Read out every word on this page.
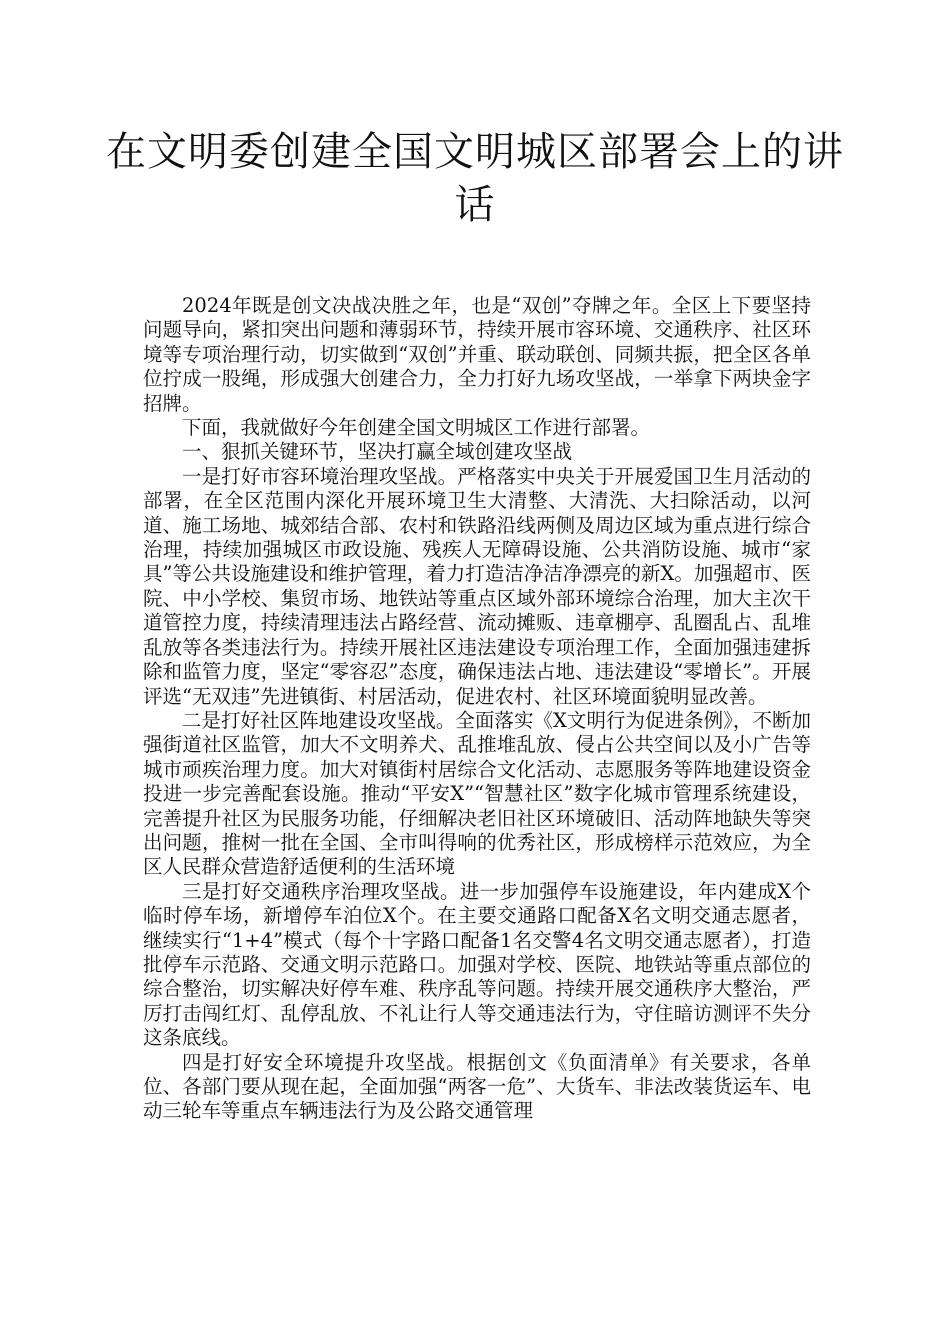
在文明委创建全国文明城区部署会上的讲话

2024年既是创文决战决胜之年，也是“双创”夺牌之年。全区上下要坚持问题导向，紧扣突出问题和薄弱环节，持续开展市容环境、交通秩序、社区环境等专项治理行动，切实做到“双创”并重、联动联创、同频共振，把全区各单位拧成一股绳，形成强大创建合力，全力打好九场攻坚战，一举拿下两块金字招牌。

下面，我就做好今年创建全国文明城区工作进行部署。

一、狠抓关键环节，坚决打赢全域创建攻坚战

一是打好市容环境治理攻坚战。严格落实中央关于开展爱国卫生月活动的部署，在全区范围内深化开展环境卫生大清整、大清洗、大扫除活动，以河道、施工场地、城郊结合部、农村和铁路沿线两侧及周边区域为重点进行综合治理，持续加强城区市政设施、残疾人无障碍设施、公共消防设施、城市“家具”等公共设施建设和维护管理，着力打造洁净洁净漂亮的新X。加强超市、医院、中小学校、集贸市场、地铁站等重点区域外部环境综合治理，加大主次干道管控力度，持续清理违法占路经营、流动摊贩、违章棚亭、乱圈乱占、乱堆乱放等各类违法行为。持续开展社区违法建设专项治理工作，全面加强违建拆除和监管力度，坚定“零容忍”态度，确保违法占地、违法建设“零增长”。开展评选“无双违”先进镇街、村居活动，促进农村、社区环境面貌明显改善。

二是打好社区阵地建设攻坚战。全面落实《X文明行为促进条例》，不断加强街道社区监管，加大不文明养犬、乱推堆乱放、侵占公共空间以及小广告等城市顽疾治理力度。加大对镇街村居综合文化活动、志愿服务等阵地建设资金投进一步完善配套设施。推动“平安X”“智慧社区”数字化城市管理系统建设，完善提升社区为民服务功能，仔细解决老旧社区环境破旧、活动阵地缺失等突出问题，推树一批在全国、全市叫得响的优秀社区，形成榜样示范效应，为全区人民群众营造舒适便利的生活环境

三是打好交通秩序治理攻坚战。进一步加强停车设施建设，年内建成X个临时停车场，新增停车泊位X个。在主要交通路口配备X名文明交通志愿者，继续实行“1+4”模式（每个十字路口配备1名交警4名文明交通志愿者），打造批停车示范路、交通文明示范路口。加强对学校、医院、地铁站等重点部位的综合整治，切实解决好停车难、秩序乱等问题。持续开展交通秩序大整治，严厉打击闯红灯、乱停乱放、不礼让行人等交通违法行为，守住暗访测评不失分这条底线。

四是打好安全环境提升攻坚战。根据创文《负面清单》有关要求，各单位、各部门要从现在起，全面加强“两客一危”、大货车、非法改装货运车、电动三轮车等重点车辆违法行为及公路交通管理
